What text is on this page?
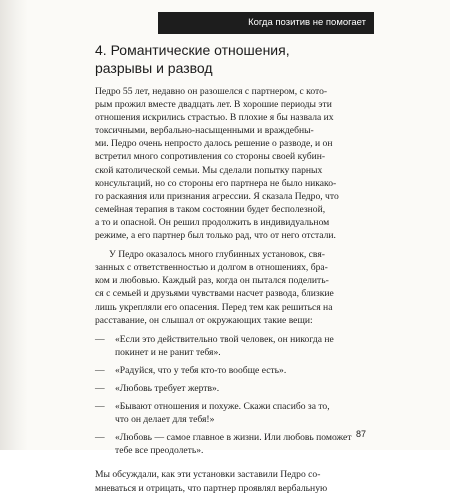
Когда позитив не помогает
4. Романтические отношения,
разрывы и развод

Педро 55 лет, недавно он разошелся с партнером, с кото-
рым прожил вместе двадцать лет. В хорошие периоды эти
отношения искрились страстью. В плохие я бы назвала их
токсичными, вербально-насыщенными и враждебны-
ми. Педро очень непросто далось решение о разводе, и он
встретил много сопротивления со стороны своей кубин-
ской католической семьи. Мы сделали попытку парных
консультаций, но со стороны его партнера не было никако-
го раскаяния или признания агрессии. Я сказала Педро, что
семейная терапия в таком состоянии будет бесполезной,
а то и опасной. Он решил продолжить в индивидуальном
режиме, а его партнер был только рад, что от него отстали.

У Педро оказалось много глубинных установок, свя-
занных с ответственностью и долгом в отношениях, бра-
ком и любовью. Каждый раз, когда он пытался поделить-
ся с семьей и друзьями чувствами насчет развода, близкие
лишь укрепляли его опасения. Перед тем как решиться на
расставание, он слышал от окружающих такие вещи:

— «Если это действительно твой человек, он никогда не
покинет и не ранит тебя».
— «Радуйся, что у тебя кто-то вообще есть».
— «Любовь требует жертв».
— «Бывают отношения и похуже. Скажи спасибо за то,
что он делает для тебя!»
— «Любовь — самое главное в жизни. Или любовь поможет
тебе все преодолеть».

Мы обсуждали, как эти установки заставили Педро со-
мневаться и отрицать, что партнер проявлял вербальную

87
